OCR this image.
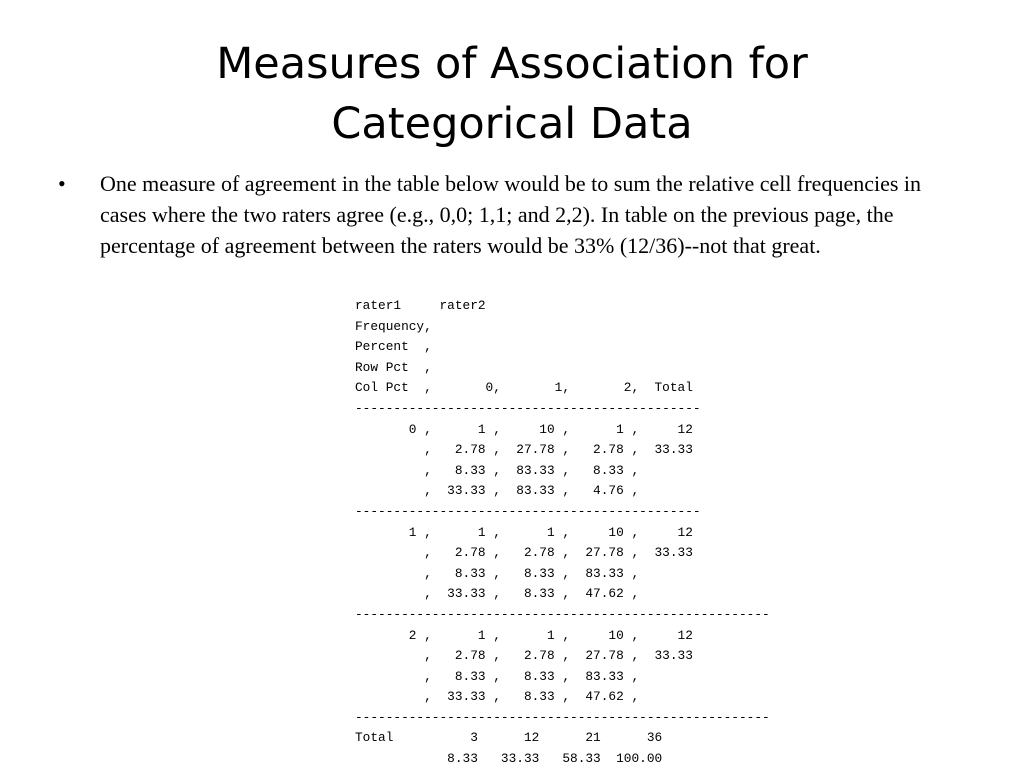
Measures of Association for
Categorical Data
• One measure of agreement in the table below would be to sum the relative cell frequencies in cases where the two raters agree (e.g., 0,0; 1,1; and 2,2). In table on the previous page, the percentage of agreement between the raters would be 33% (12/36)--not that great.

rater1     rater2
Frequency,
Percent  ,
Row Pct  ,
Col Pct  ,       0,       1,       2,  Total
---------------------------------------------
0 ,      1 ,     10 ,      1 ,     12
,   2.78 ,  27.78 ,   2.78 ,  33.33
,   8.33 ,  83.33 ,   8.33 ,
,  33.33 ,  83.33 ,   4.76 ,
---------------------------------------------
1 ,      1 ,      1 ,     10 ,     12
,   2.78 ,   2.78 ,  27.78 ,  33.33
,   8.33 ,   8.33 ,  83.33 ,
,  33.33 ,   8.33 ,  47.62 ,
------------------------------------------------------
2 ,      1 ,      1 ,     10 ,     12
,   2.78 ,   2.78 ,  27.78 ,  33.33
,   8.33 ,   8.33 ,  83.33 ,
,  33.33 ,   8.33 ,  47.62 ,
------------------------------------------------------
Total          3      12      21      36
8.33   33.33   58.33  100.00
